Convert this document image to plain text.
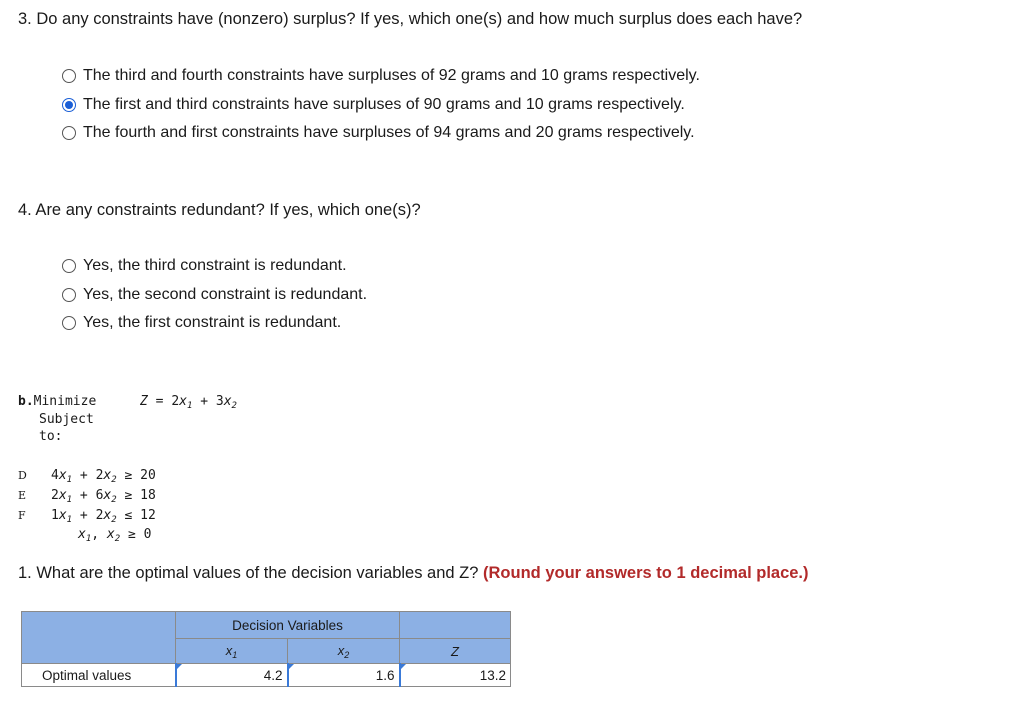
3. Do any constraints have (nonzero) surplus? If yes, which one(s) and how much surplus does each have?
The third and fourth constraints have surpluses of 92 grams and 10 grams respectively.
The first and third constraints have surpluses of 90 grams and 10 grams respectively.
The fourth and first constraints have surpluses of 94 grams and 20 grams respectively.
4. Are any constraints redundant? If yes, which one(s)?
Yes, the third constraint is redundant.
Yes, the second constraint is redundant.
Yes, the first constraint is redundant.
b.Minimize	$Z = 2x_1 + 3x_2$
Subject
to:
D	$4x_1 + 2x_2 \ge 20$
E	$2x_1 + 6x_2 \ge 18$
F	$1x_1 + 2x_2 \le 12$
$x_1$, $x_2 \ge 0$
1. What are the optimal values of the decision variables and Z? (Round your answers to 1 decimal place.)
	Decision Variables		
	$x_1$	$x_2$	Z
Optimal values	4.2	1.6	13.2
